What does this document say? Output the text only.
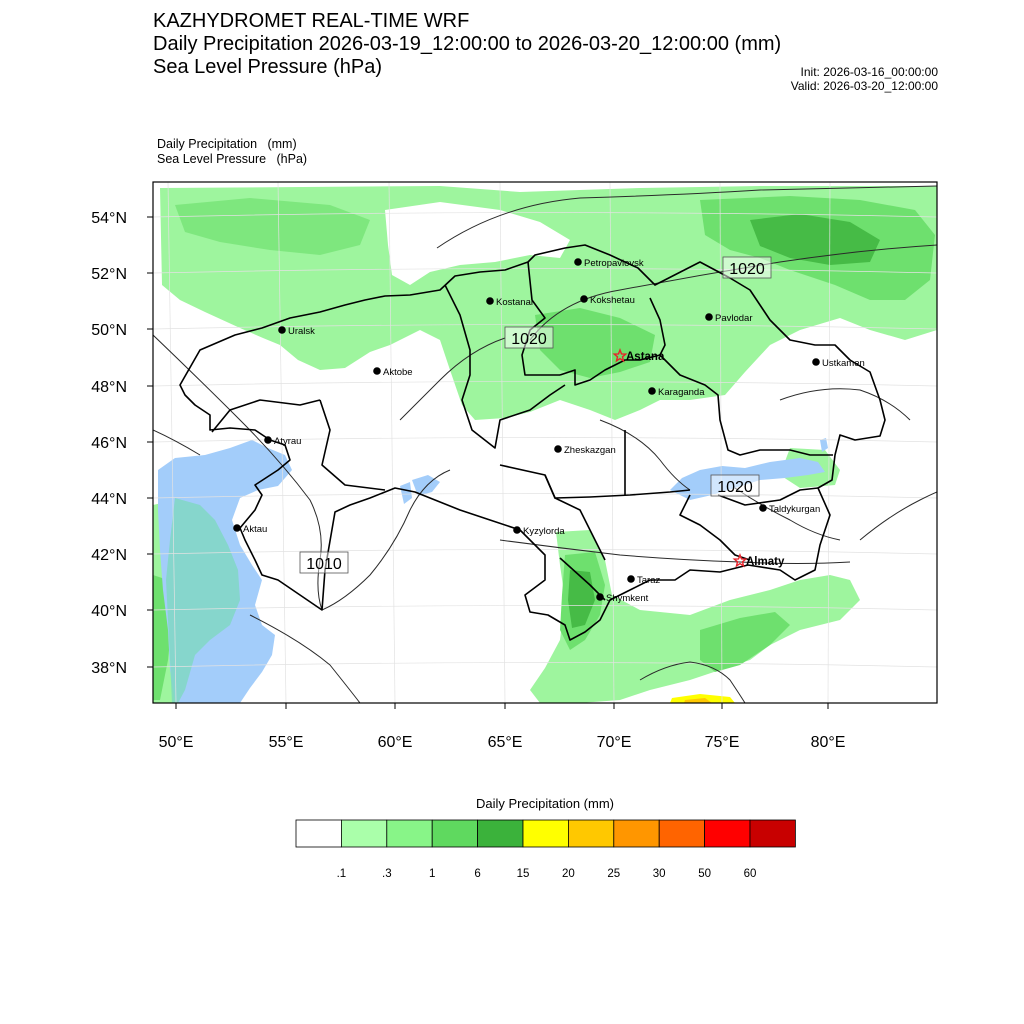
KAZHYDROMET REAL-TIME WRF
Daily Precipitation 2026-03-19_12:00:00 to 2026-03-20_12:00:00 (mm)
Sea Level Pressure (hPa)	Init: 2026-03-16_00:00:00
Valid: 2026-03-20_12:00:00
Daily Precipitation   (mm)
Sea Level Pressure   (hPa)
54°N
52°N
50°N
48°N
46°N
44°N
42°N
40°N
38°N
50°E	55°E	60°E	65°E	70°E	75°E	80°E
Petropavlovsk
Kostanai	Kokshetau
Pavlodar
Uralsk
Astana
Ustkamen
Aktobe
Karaganda
Atyrau
Zheskazgan
Aktau	Kyzylorda
Taldykurgan
Almaty
Taraz
Shymkent
1020
1020
1020
1010
Daily Precipitation (mm)
.1	.3	1	6	15	20	25	30	50	60
